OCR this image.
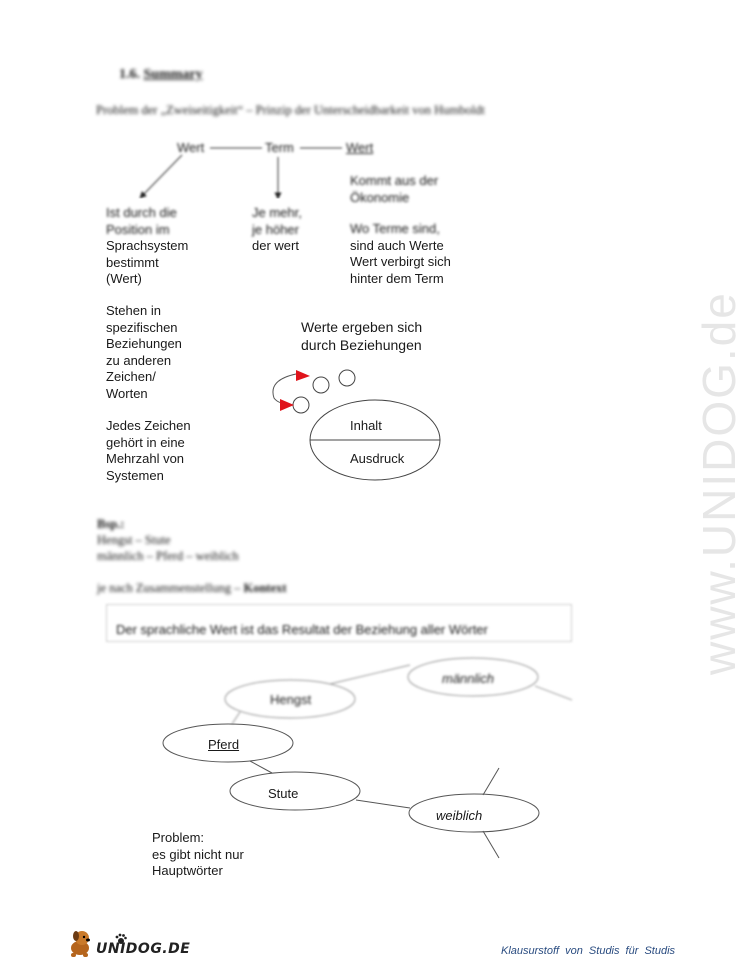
www.UNIDOG.de
1.6. Summary
Problem der „Zweiseitigkeit“ – Prinzip der Unterscheidbarkeit von Humboldt
Wert	Term	Wert
Ist durch die
Position im
Sprachsystem
bestimmt
(Wert)
Je mehr,
je höher
der wert
Kommt aus der
Ökonomie
Wo Terme sind,
sind auch Werte
Wert verbirgt sich
hinter dem Term
Stehen in
spezifischen
Beziehungen
zu anderen
Zeichen/
Worten
Jedes Zeichen
gehört in eine
Mehrzahl von
Systemen
Werte ergeben sich
durch Beziehungen
Inhalt
Ausdruck
Bsp.:
Hengst – Stute
männlich – Pferd – weiblich
je nach Zusammenstellung – Kontext
Der sprachliche Wert ist das Resultat der Beziehung aller Wörter
Hengst
männlich
Pferd
Stute
weiblich
Problem:
es gibt nicht nur
Hauptwörter
UNIDOG.DE	Klausurstoff von Studis für Studis
